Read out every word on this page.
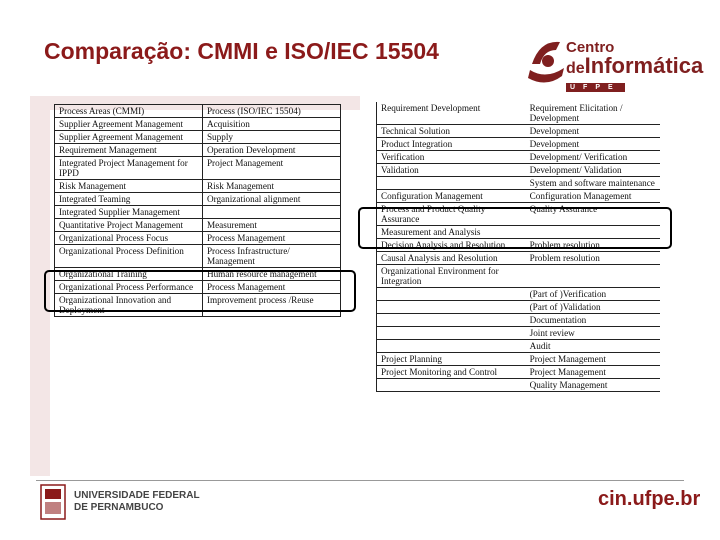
Comparação: CMMI e ISO/IEC 15504	Centro
deInformática
UFPE
Process Areas (CMMI)	Process (ISO/IEC 15504)
Supplier Agreement Management	Acquisition
Supplier Agreement Management	Supply
Requirement Management	Operation Development
Integrated Project Management for IPPD	Project Management
Risk Management	Risk Management
Integrated Teaming	Organizational alignment
Integrated Supplier Management	
Quantitative Project Management	Measurement
Organizational Process Focus	Process Management
Organizational Process Definition	Process Infrastructure/ Management
Organizational Training	Human resource management
Organizational Process Performance	Process Management
Organizational Innovation and Deployment	Improvement process /Reuse
Requirement Development	Requirement Elicitation / Development
Technical Solution	Development
Product Integration	Development
Verification	Development/ Verification
Validation	Development/ Validation
	System and software maintenance
Configuration Management	Configuration Management
Process and Product Quality Assurance	Quality Assurance
Measurement and Analysis	
Decision Analysis and Resolution	Problem resolution
Causal Analysis and Resolution	Problem resolution
Organizational Environment for Integration	
	(Part of )Verification
	(Part of )Validation
	Documentation
	Joint review
	Audit
Project Planning	Project Management
Project Monitoring and Control	Project Management
	Quality Management
UNIVERSIDADE FEDERAL
DE PERNAMBUCO	cin.ufpe.br
